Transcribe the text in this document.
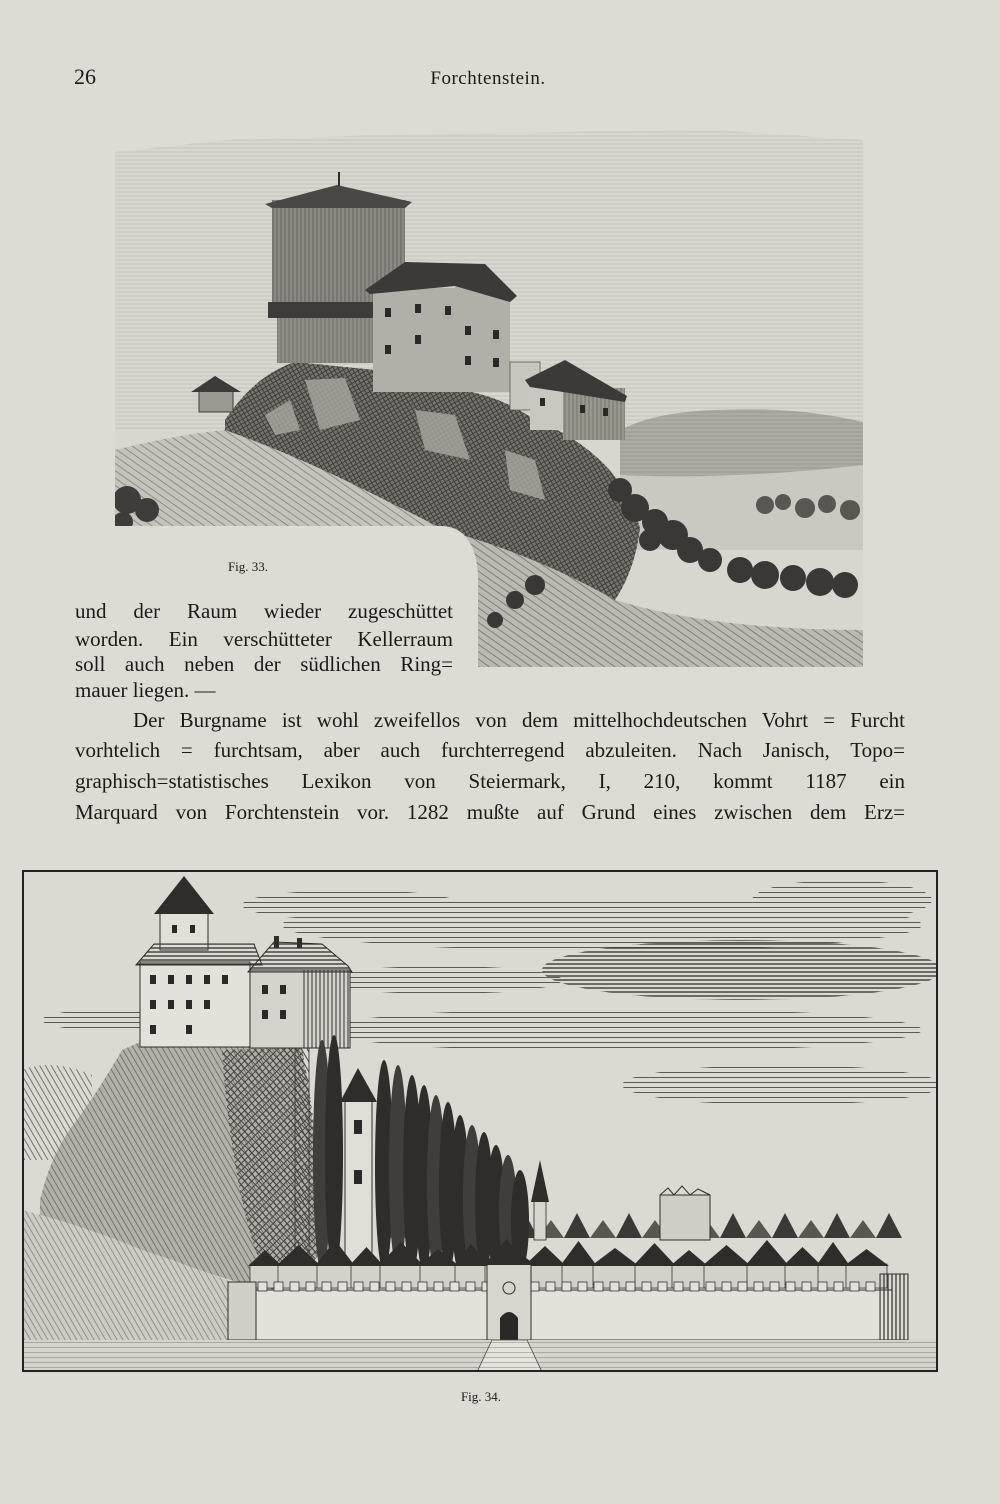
26	Forchtenstein.
Fig. 33.
und der Raum wieder zugeschüttet
worden. Ein verschütteter Kellerraum
soll auch neben der südlichen Ring=
mauer liegen. —
Der Burgname ist wohl zweifellos von dem mittelhochdeutschen Vohrt = Furcht
vorhtelich = furchtsam, aber auch furchterregend abzuleiten. Nach Janisch, Topo=
graphisch=statistisches Lexikon von Steiermark, I, 210, kommt 1187 ein
Marquard von Forchtenstein vor. 1282 mußte auf Grund eines zwischen dem Erz=
Fig. 34.
